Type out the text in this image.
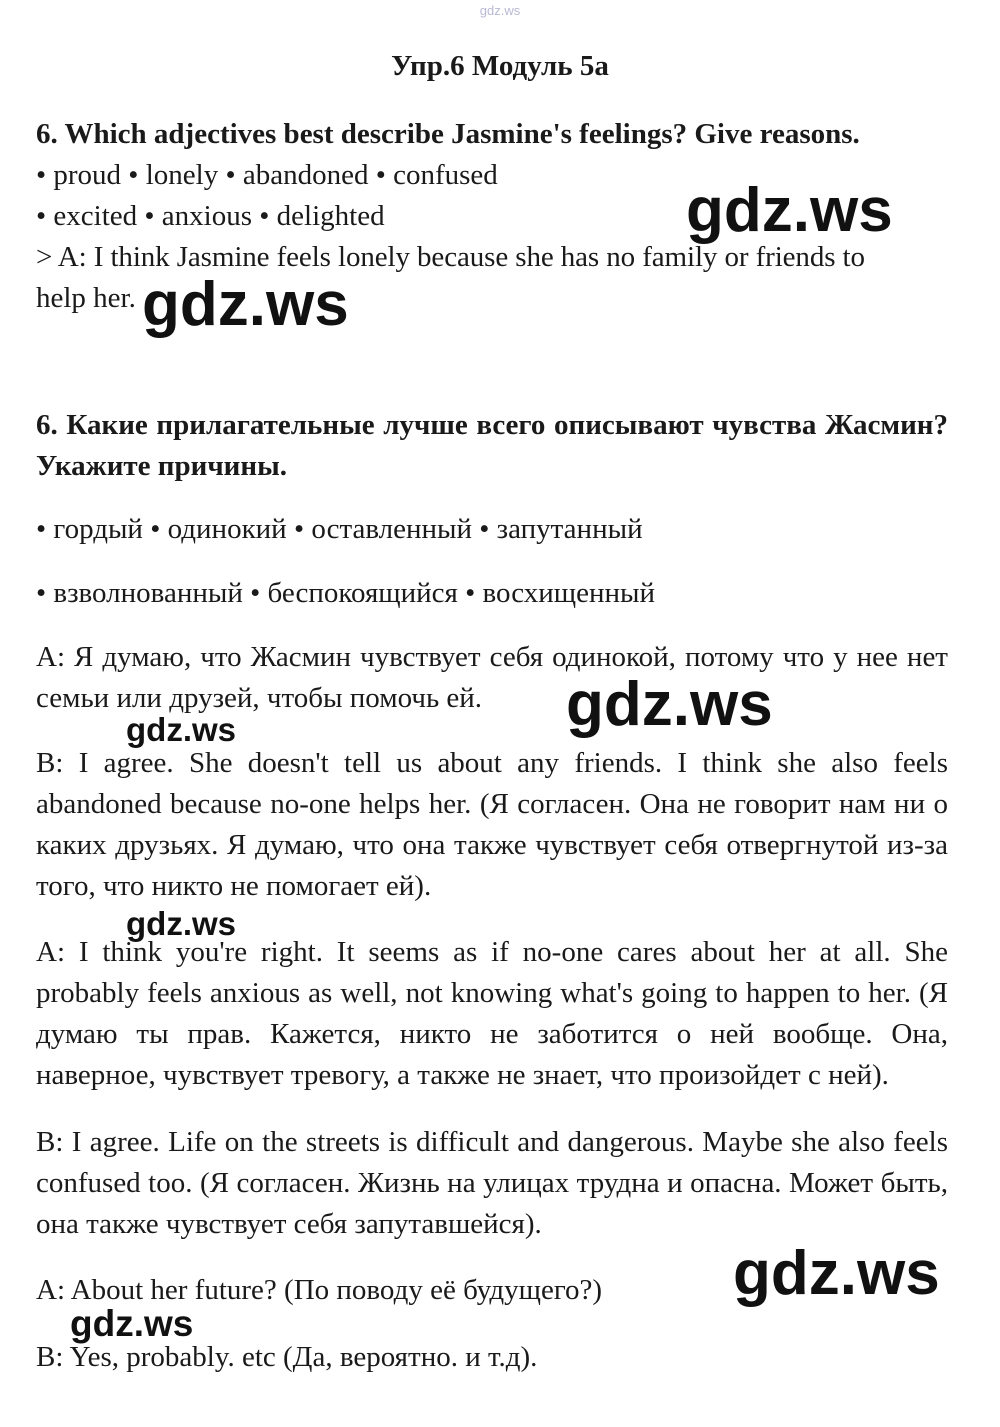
gdz.ws
Упр.6 Модуль 5а
6. Which adjectives best describe Jasmine's feelings? Give reasons.
• proud • lonely • abandoned • confused
• excited • anxious • delighted
> A: I think Jasmine feels lonely because she has no family or friends to
help her.
6. Какие прилагательные лучше всего описывают чувства Жасмин? Укажите причины.
• гордый • одинокий • оставленный • запутанный
• взволнованный • беспокоящийся • восхищенный
A: Я думаю, что Жасмин чувствует себя одинокой, потому что у нее нет семьи или друзей, чтобы помочь ей.
B: I agree. She doesn't tell us about any friends. I think she also feels abandoned because no-one helps her. (Я согласен. Она не говорит нам ни о каких друзьях. Я думаю, что она также чувствует себя отвергнутой из-за того, что никто не помогает ей).
A: I think you're right. It seems as if no-one cares about her at all. She probably feels anxious as well, not knowing what's going to happen to her. (Я думаю ты прав. Кажется, никто не заботится о ней вообще. Она, наверное, чувствует тревогу, а также не знает, что произойдет с ней).
B: I agree. Life on the streets is difficult and dangerous. Maybe she also feels confused too. (Я согласен. Жизнь на улицах трудна и опасна. Может быть, она также чувствует себя запутавшейся).
A: About her future? (По поводу её будущего?)
B: Yes, probably. etc (Да, вероятно. и т.д).
gdz.ws
gdz.ws
gdz.ws
gdz.ws
gdz.ws
gdz.ws
gdz.ws
